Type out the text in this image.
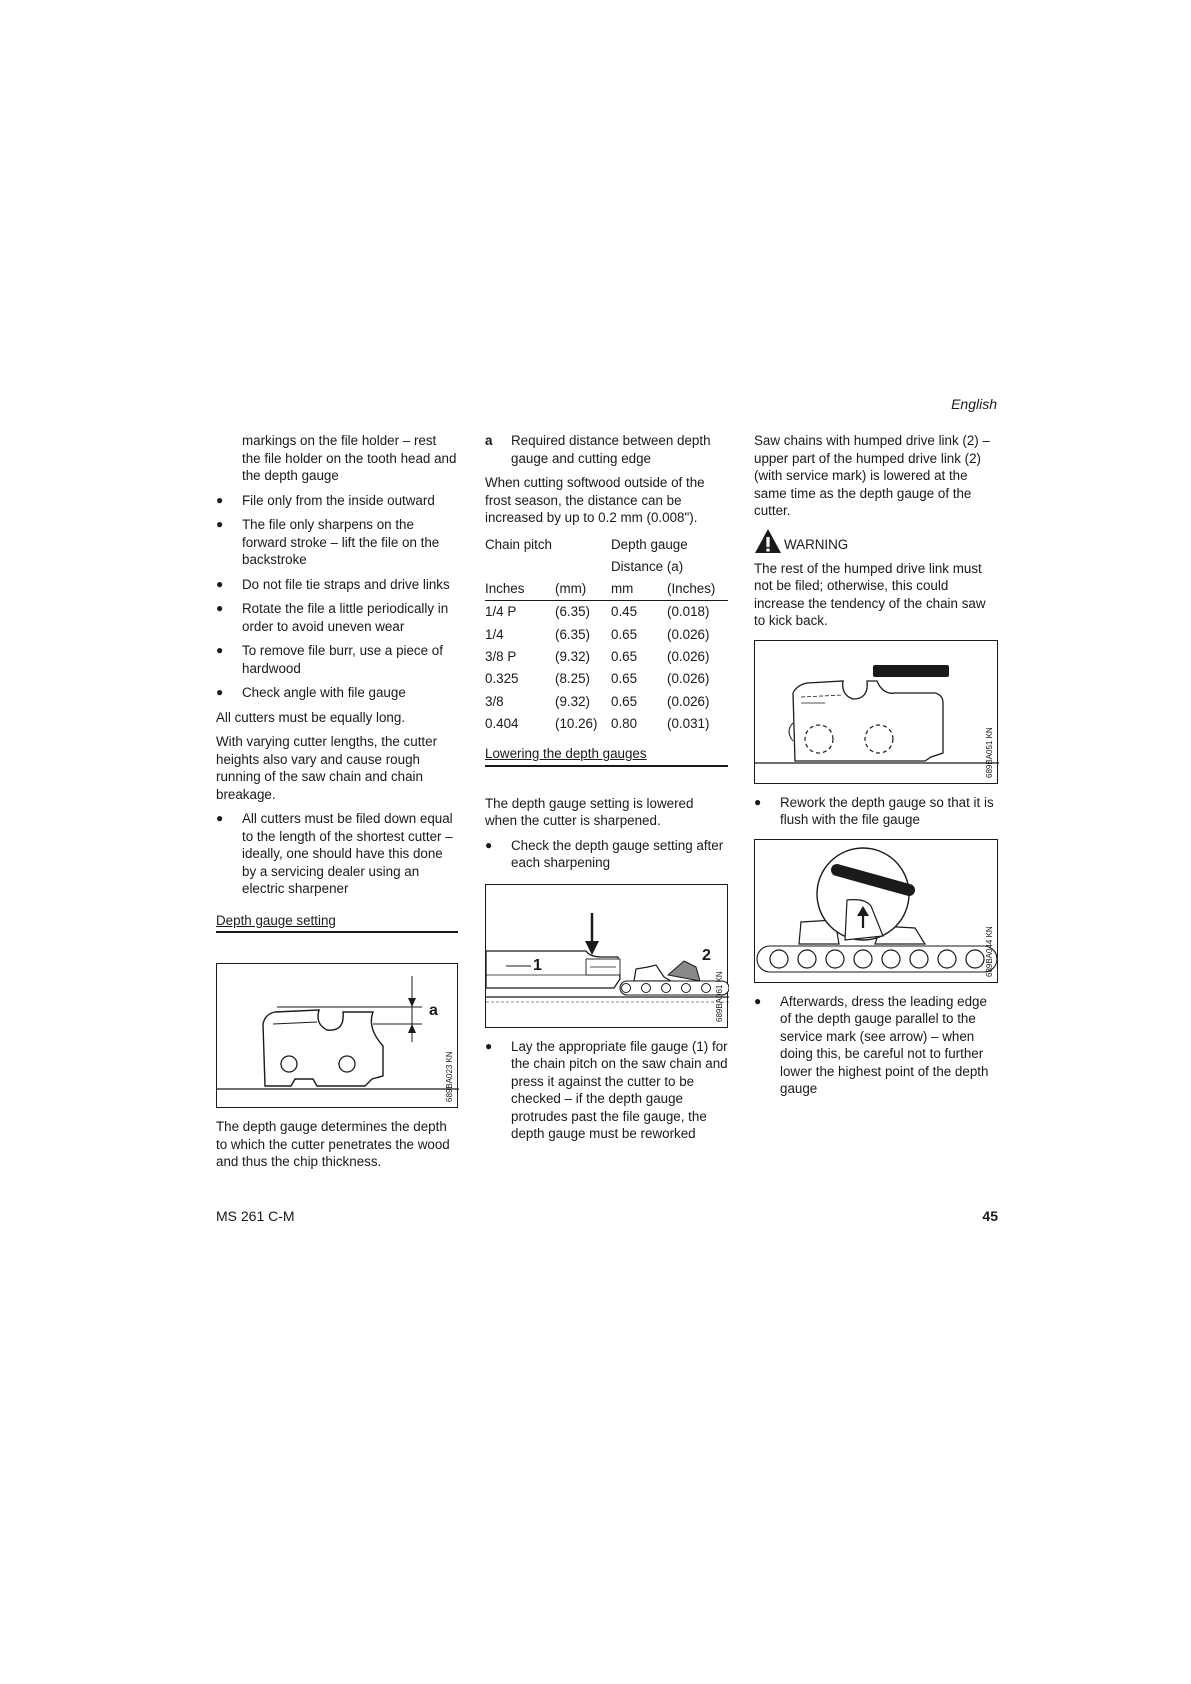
English

markings on the file holder – rest the file holder on the tooth head and the depth gauge

● File only from the inside outward
● The file only sharpens on the forward stroke – lift the file on the backstroke
● Do not file tie straps and drive links
● Rotate the file a little periodically in order to avoid uneven wear
● To remove file burr, use a piece of hardwood
● Check angle with file gauge

All cutters must be equally long.

With varying cutter lengths, the cutter heights also vary and cause rough running of the saw chain and chain breakage.

● All cutters must be filed down equal to the length of the shortest cutter – ideally, one should have this done by a servicing dealer using an electric sharpener
Depth gauge setting
a
689BA023 KN

The depth gauge determines the depth to which the cutter penetrates the wood and thus the chip thickness.

a Required distance between depth gauge and cutting edge

When cutting softwood outside of the frost season, the distance can be increased by up to 0.2 mm (0.008").

Chain pitch		Depth gauge	
		Distance (a)	
Inches	(mm)	mm	(Inches)
1/4 P	(6.35)	0.45	(0.018)
1/4	(6.35)	0.65	(0.026)
3/8 P	(9.32)	0.65	(0.026)
0.325	(8.25)	0.65	(0.026)
3/8	(9.32)	0.65	(0.026)
0.404	(10.26)	0.80	(0.031)
Lowering the depth gauges

The depth gauge setting is lowered when the cutter is sharpened.

● Check the depth gauge setting after each sharpening
1
2
689BA061 KN
● Lay the appropriate file gauge (1) for the chain pitch on the saw chain and press it against the cutter to be checked – if the depth gauge protrudes past the file gauge, the depth gauge must be reworked

Saw chains with humped drive link (2) – upper part of the humped drive link (2) (with service mark) is lowered at the same time as the depth gauge of the cutter.

WARNING

The rest of the humped drive link must not be filed; otherwise, this could increase the tendency of the chain saw to kick back.

689BA051 KN
● Rework the depth gauge so that it is flush with the file gauge
689BA044 KN
● Afterwards, dress the leading edge of the depth gauge parallel to the service mark (see arrow) – when doing this, be careful not to further lower the highest point of the depth gauge
MS 261 C-M	45
